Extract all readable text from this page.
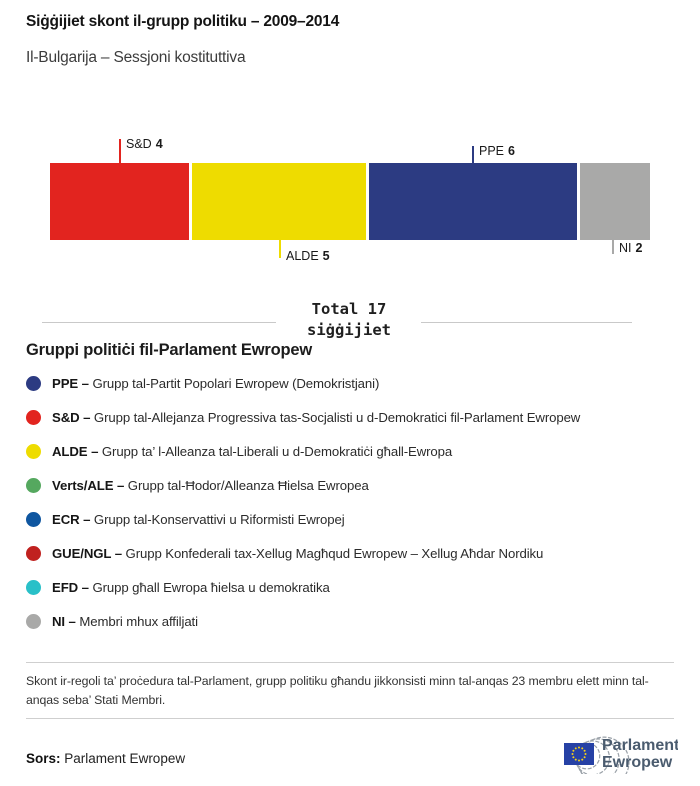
Siġġijiet skont il-grupp politiku – 2009–2014
Il-Bulgarija – Sessjoni kostituttiva
S&D 4	PPE 6
ALDE 5
NI 2
Total 17
siġġijiet
Gruppi politiċi fil-Parlament Ewropew
PPE – Grupp tal-Partit Popolari Ewropew (Demokristjani)
S&D – Grupp tal-Allejanza Progressiva tas-Socjalisti u d-Demokratici fil-Parlament Ewropew
ALDE – Grupp ta’ l-Alleanza tal-Liberali u d-Demokratiċi għall-Ewropa
Verts/ALE – Grupp tal-Ħodor/Alleanza Ħielsa Ewropea
ECR – Grupp tal-Konservattivi u Riformisti Ewropej
GUE/NGL – Grupp Konfederali tax-Xellug Magħqud Ewropew – Xellug Aħdar Nordiku
EFD – Grupp għall Ewropa ħielsa u demokratika
NI – Membri mhux affiljati
Skont ir-regoli ta’ proċedura tal-Parlament, grupp politiku għandu jikkonsisti minn tal-anqas 23 membru elett minn tal-anqas seba’ Stati Membri.
Sors: Parlament Ewropew
Parlament
Ewropew
